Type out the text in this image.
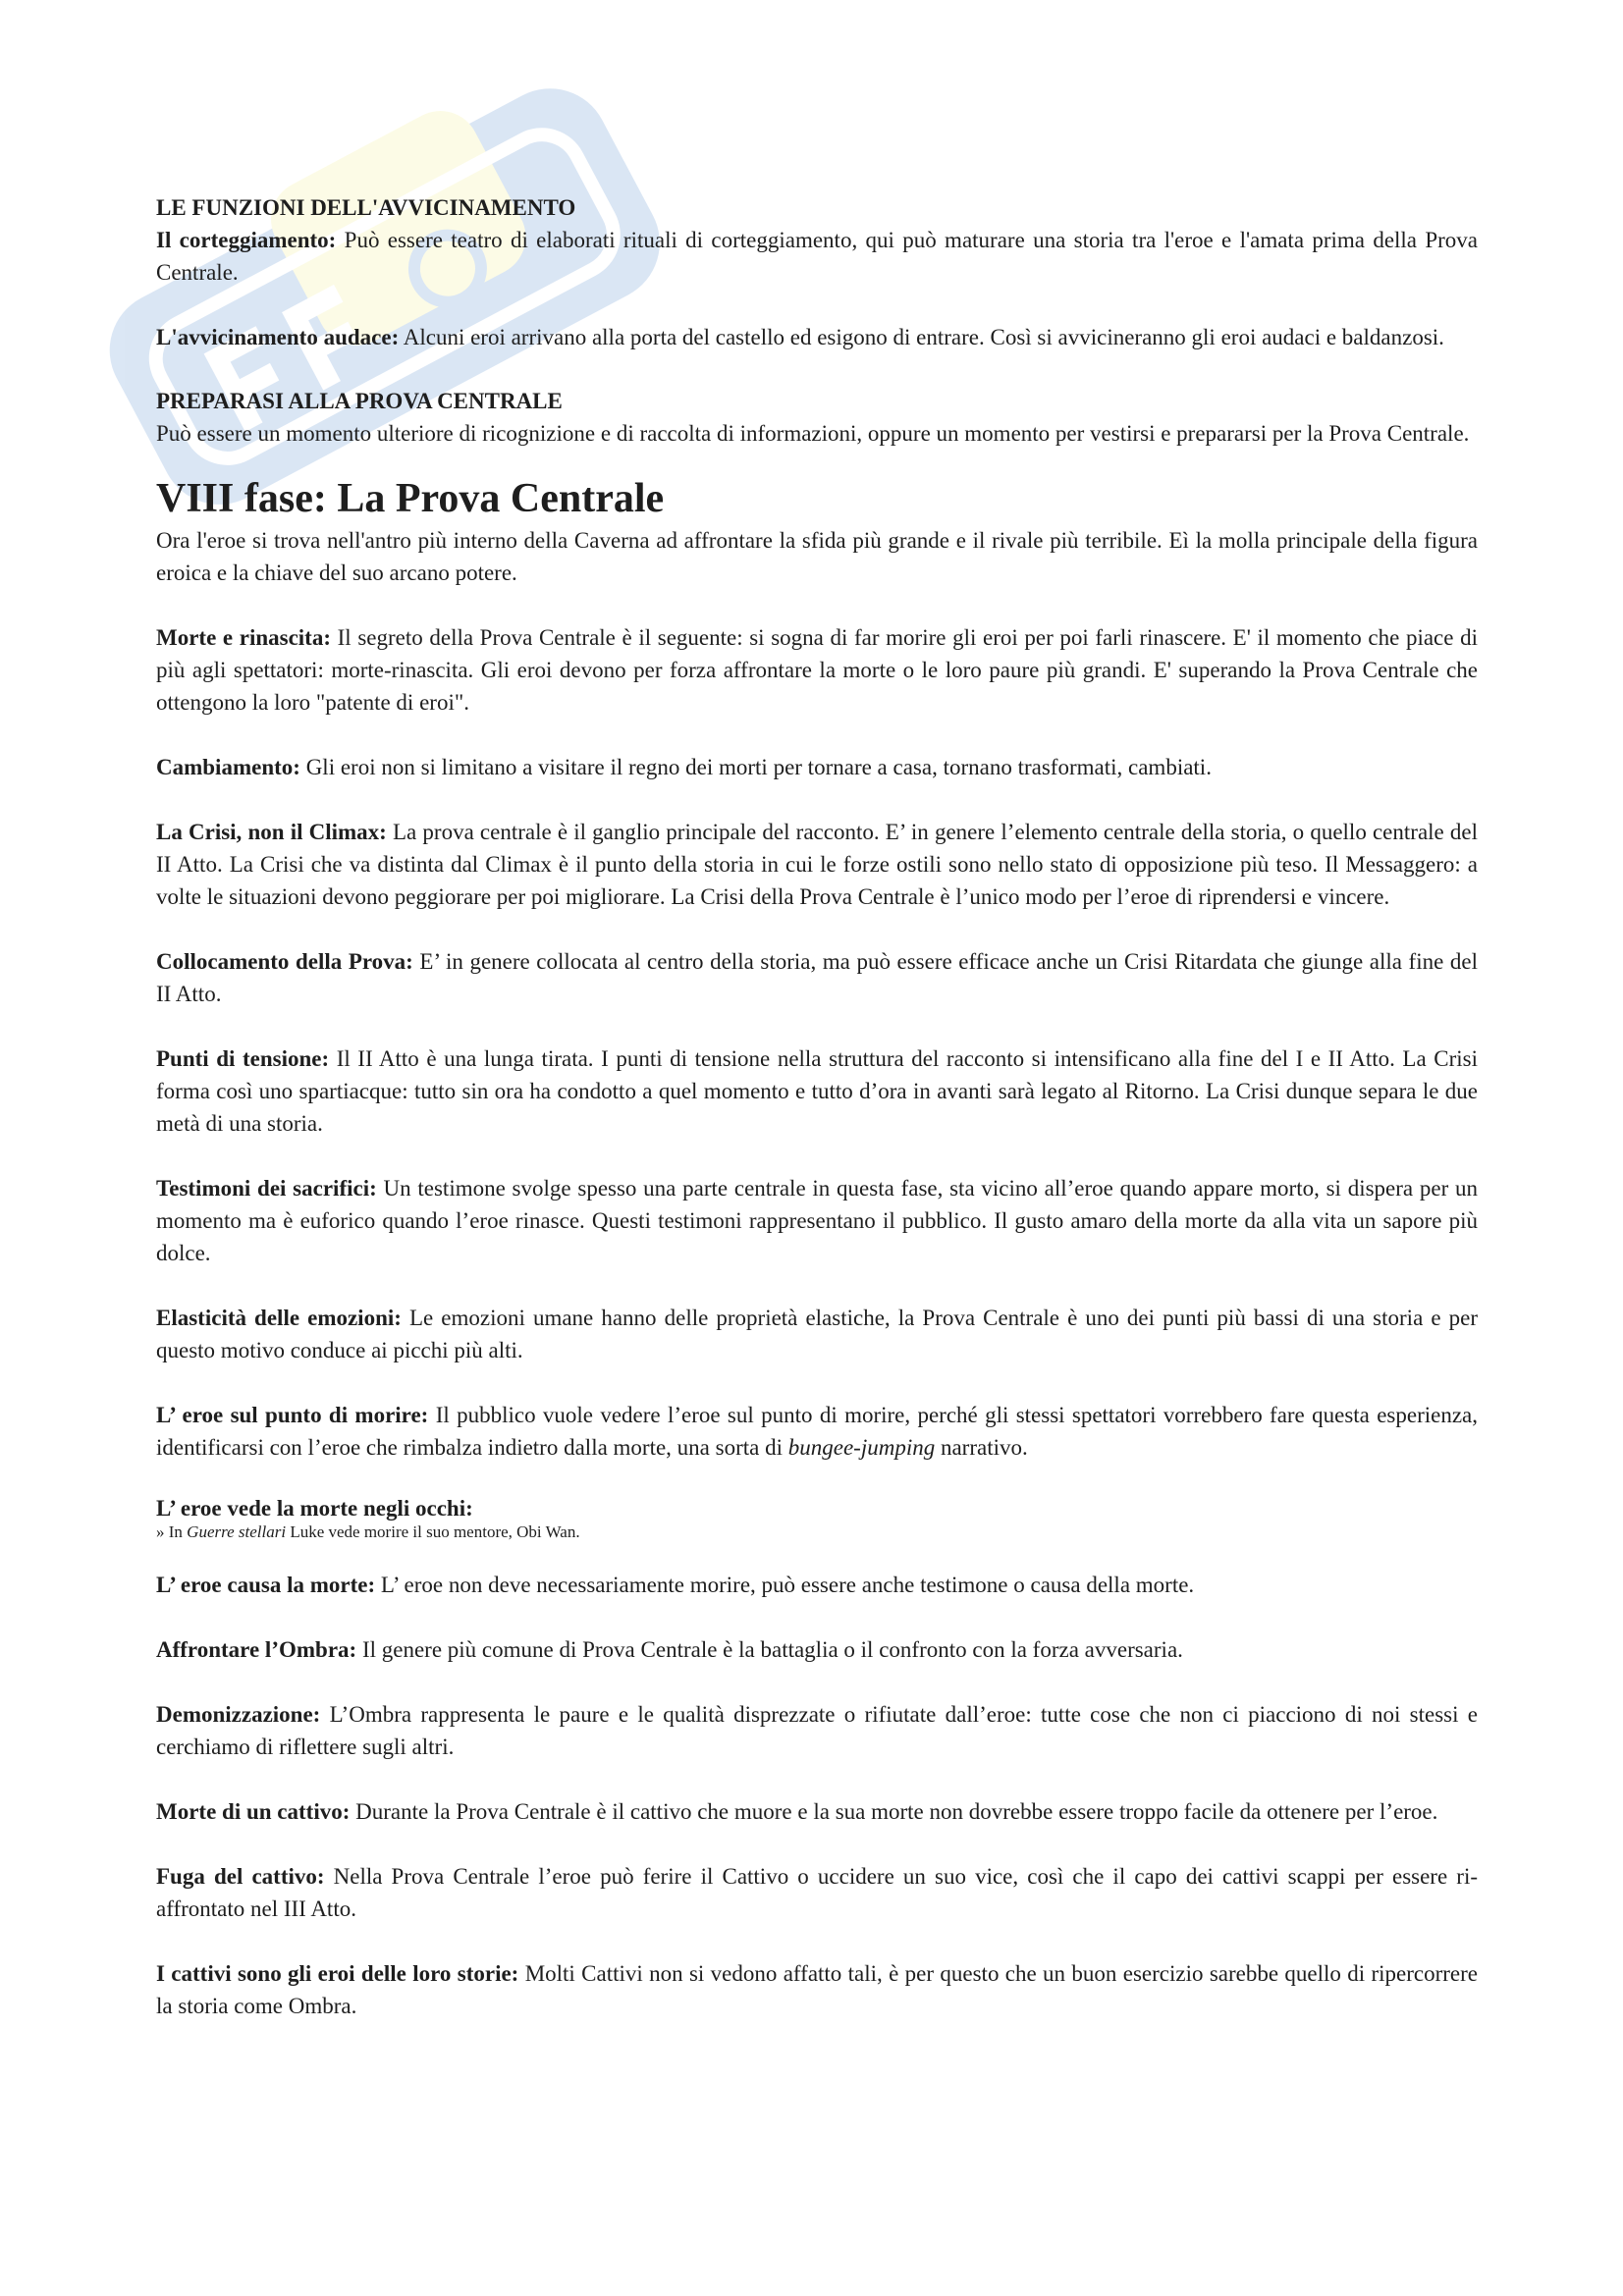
LE FUNZIONI DELL'AVVICINAMENTO

Il corteggiamento: Può essere teatro di elaborati rituali di corteggiamento, qui può maturare una storia tra l'eroe e l'amata prima della Prova Centrale.

L'avvicinamento audace: Alcuni eroi arrivano alla porta del castello ed esigono di entrare. Così si avvicineranno gli eroi audaci e baldanzosi.

PREPARASI ALLA PROVA CENTRALE

Può essere un momento ulteriore di ricognizione e di raccolta di informazioni, oppure un momento per vestirsi e prepararsi per la Prova Centrale.

VIII fase: La Prova Centrale

Ora l'eroe si trova nell'antro più interno della Caverna ad affrontare la sfida più grande e il rivale più terribile. Eì la molla principale della figura eroica e la chiave del suo arcano potere.

Morte e rinascita: Il segreto della Prova Centrale è il seguente: si sogna di far morire gli eroi per poi farli rinascere. E' il momento che piace di più agli spettatori: morte-rinascita. Gli eroi devono per forza affrontare la morte o le loro paure più grandi. E' superando la Prova Centrale che ottengono la loro "patente di eroi".

Cambiamento: Gli eroi non si limitano a visitare il regno dei morti per tornare a casa, tornano trasformati, cambiati.

La Crisi, non il Climax: La prova centrale è il ganglio principale del racconto. E’ in genere l’elemento centrale della storia, o quello centrale del II Atto. La Crisi che va distinta dal Climax è il punto della storia in cui le forze ostili sono nello stato di opposizione più teso. Il Messaggero: a volte le situazioni devono peggiorare per poi migliorare. La Crisi della Prova Centrale è l’unico modo per l’eroe di riprendersi e vincere.

Collocamento della Prova: E’ in genere collocata al centro della storia, ma può essere efficace anche un Crisi Ritardata che giunge alla fine del II Atto.

Punti di tensione: Il II Atto è una lunga tirata. I punti di tensione nella struttura del racconto si intensificano alla fine del I e II Atto. La Crisi forma così uno spartiacque: tutto sin ora ha condotto a quel momento e tutto d’ora in avanti sarà legato al Ritorno. La Crisi dunque separa le due metà di una storia.

Testimoni dei sacrifici: Un testimone svolge spesso una parte centrale in questa fase, sta vicino all’eroe quando appare morto, si dispera per un momento ma è euforico quando l’eroe rinasce. Questi testimoni rappresentano il pubblico. Il gusto amaro della morte da alla vita un sapore più dolce.

Elasticità delle emozioni: Le emozioni umane hanno delle proprietà elastiche, la Prova Centrale è uno dei punti più bassi di una storia e per questo motivo conduce ai picchi più alti.

L’ eroe sul punto di morire: Il pubblico vuole vedere l’eroe sul punto di morire, perché gli stessi spettatori vorrebbero fare questa esperienza, identificarsi con l’eroe che rimbalza indietro dalla morte, una sorta di bungee-jumping narrativo.

L’ eroe vede la morte negli occhi:

» In Guerre stellari Luke vede morire il suo mentore, Obi Wan.

L’ eroe causa la morte: L’ eroe non deve necessariamente morire, può essere anche testimone o causa della morte.

Affrontare l’Ombra: Il genere più comune di Prova Centrale è la battaglia o il confronto con la forza avversaria.

Demonizzazione: L’Ombra rappresenta le paure e le qualità disprezzate o rifiutate dall’eroe: tutte cose che non ci piacciono di noi stessi e cerchiamo di riflettere sugli altri.

Morte di un cattivo: Durante la Prova Centrale è il cattivo che muore e la sua morte non dovrebbe essere troppo facile da ottenere per l’eroe.

Fuga del cattivo: Nella Prova Centrale l’eroe può ferire il Cattivo o uccidere un suo vice, così che il capo dei cattivi scappi per essere ri-affrontato nel III Atto.

I cattivi sono gli eroi delle loro storie: Molti Cattivi non si vedono affatto tali, è per questo che un buon esercizio sarebbe quello di ripercorrere la storia come Ombra.
